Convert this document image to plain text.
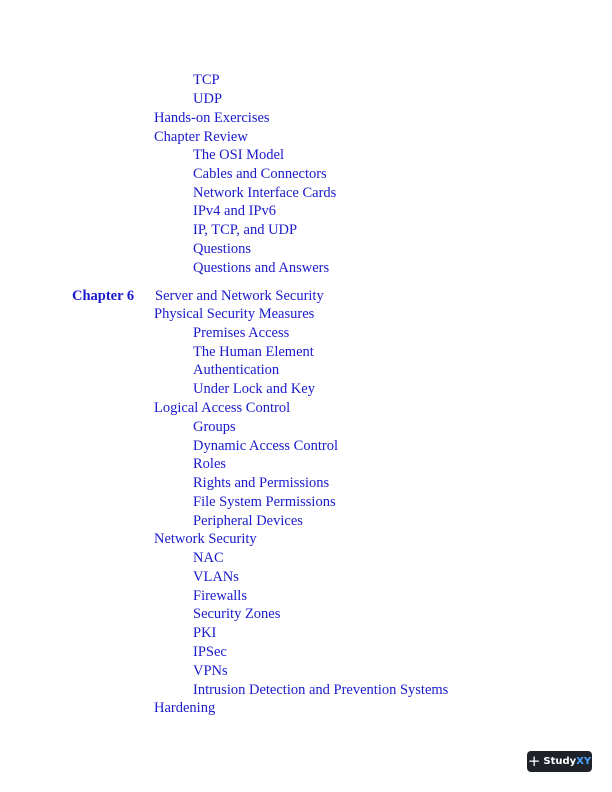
TCP
UDP
Hands-on Exercises
Chapter Review
The OSI Model
Cables and Connectors
Network Interface Cards
IPv4 and IPv6
IP, TCP, and UDP
Questions
Questions and Answers
Chapter 6 Server and Network Security
Physical Security Measures
Premises Access
The Human Element
Authentication
Under Lock and Key
Logical Access Control
Groups
Dynamic Access Control
Roles
Rights and Permissions
File System Permissions
Peripheral Devices
Network Security
NAC
VLANs
Firewalls
Security Zones
PKI
IPSec
VPNs
Intrusion Detection and Prevention Systems
Hardening
+ Study XY
